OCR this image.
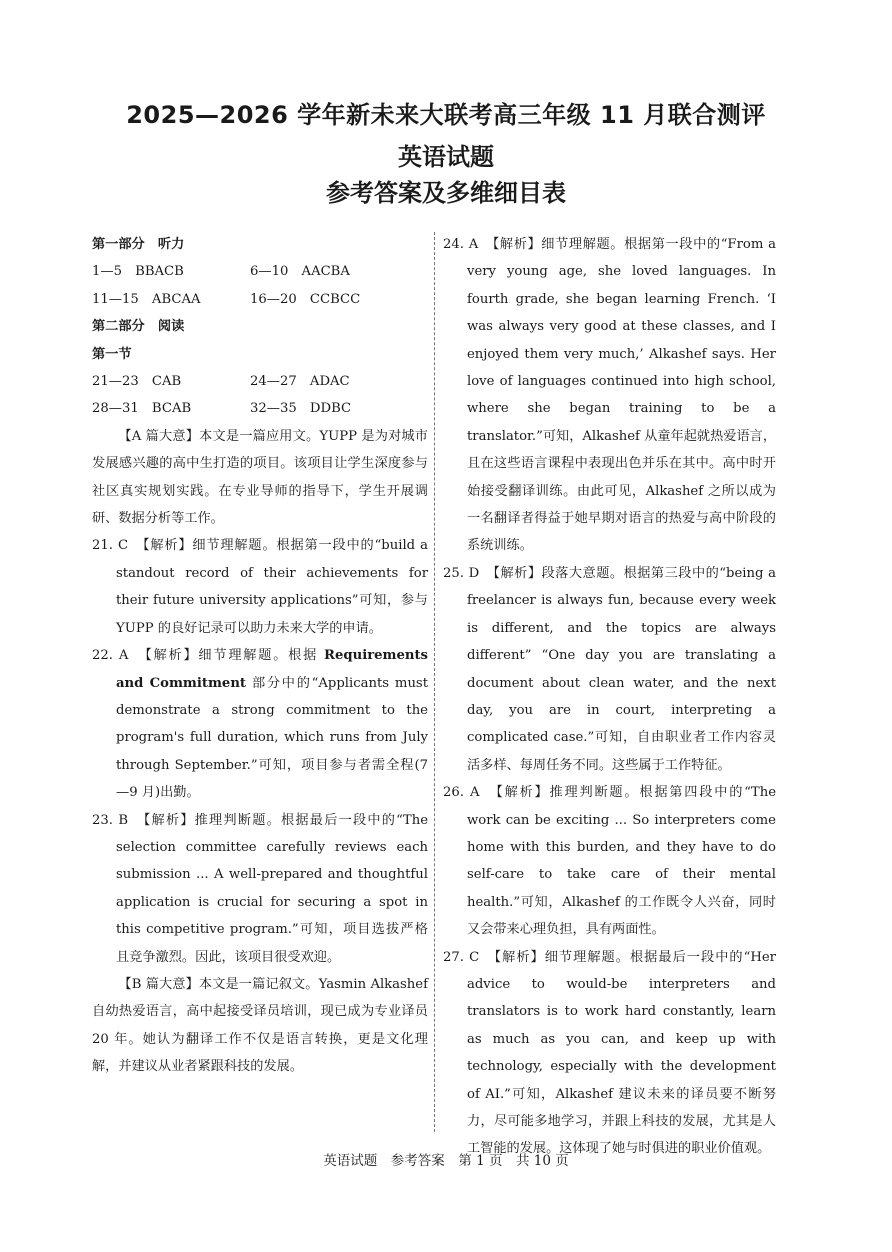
2025—2026 学年新未来大联考高三年级 11 月联合测评
英语试题
参考答案及多维细目表
第一部分　听力
1—5　BBACB	6—10　AACBA
11—15　ABCAA	16—20　CCBCC
第二部分　阅读
第一节
21—23　CAB	24—27　ADAC
28—31　BCAB	32—35　DDBC
【A 篇大意】本文是一篇应用文。YUPP 是为对城市发展感兴趣的高中生打造的项目。该项目让学生深度参与社区真实规划实践。在专业导师的指导下，学生开展调研、数据分析等工作。
21. C　【解析】细节理解题。根据第一段中的“build a standout record of their achievements for their future university applications”可知，参与 YUPP 的良好记录可以助力未来大学的申请。
22. A　【解析】细节理解题。根据 Requirements and Commitment 部分中的“Applicants must demonstrate a strong commitment to the program's full duration, which runs from July through September.”可知，项目参与者需全程(7—9 月)出勤。
23. B　【解析】推理判断题。根据最后一段中的“The selection committee carefully reviews each submission ... A well-prepared and thoughtful application is crucial for securing a spot in this competitive program.”可知，项目选拔严格且竞争激烈。因此，该项目很受欢迎。
【B 篇大意】本文是一篇记叙文。Yasmin Alkashef 自幼热爱语言，高中起接受译员培训，现已成为专业译员 20 年。她认为翻译工作不仅是语言转换，更是文化理解，并建议从业者紧跟科技的发展。
24. A　【解析】细节理解题。根据第一段中的“From a very young age, she loved languages. In fourth grade, she began learning French. ‘I was always very good at these classes, and I enjoyed them very much,’ Alkashef says. Her love of languages continued into high school, where she began training to be a translator.”可知，Alkashef 从童年起就热爱语言，且在这些语言课程中表现出色并乐在其中。高中时开始接受翻译训练。由此可见，Alkashef 之所以成为一名翻译者得益于她早期对语言的热爱与高中阶段的系统训练。
25. D　【解析】段落大意题。根据第三段中的“being a freelancer is always fun, because every week is different, and the topics are always different” “One day you are translating a document about clean water, and the next day, you are in court, interpreting a complicated case.”可知，自由职业者工作内容灵活多样、每周任务不同。这些属于工作特征。
26. A　【解析】推理判断题。根据第四段中的“The work can be exciting ... So interpreters come home with this burden, and they have to do self-care to take care of their mental health.”可知，Alkashef 的工作既令人兴奋，同时又会带来心理负担，具有两面性。
27. C　【解析】细节理解题。根据最后一段中的“Her advice to would-be interpreters and translators is to work hard constantly, learn as much as you can, and keep up with technology, especially with the development of AI.”可知，Alkashef 建议未来的译员要不断努力，尽可能多地学习，并跟上科技的发展，尤其是人工智能的发展。这体现了她与时俱进的职业价值观。
英语试题　参考答案　第 1 页　共 10 页
